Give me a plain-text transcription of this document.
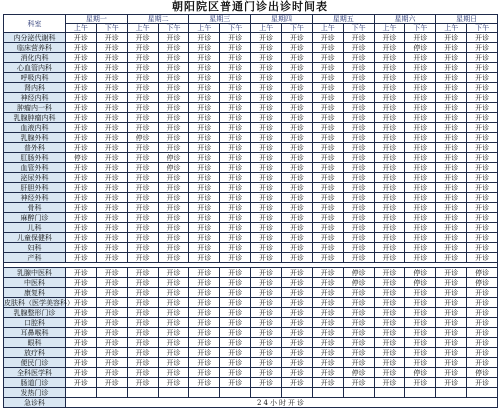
朝阳院区普通门诊出诊时间表
科室	星期一		星期二		星期三		星期四		星期五		星期六		星期日	
	上午	下午	上午	下午	上午	下午	上午	下午	上午	下午	上午	下午	上午	下午
内分泌代谢科	开诊	开诊	开诊	开诊	开诊	开诊	开诊	开诊	开诊	开诊	开诊	开诊	开诊	开诊
临床营养科	开诊	开诊	开诊	开诊	开诊	开诊	开诊	开诊	开诊	开诊	开诊	停诊	开诊	开诊
消化内科	开诊	开诊	开诊	开诊	开诊	开诊	开诊	开诊	开诊	开诊	开诊	开诊	开诊	开诊
心血管内科	开诊	开诊	开诊	开诊	开诊	开诊	开诊	开诊	开诊	开诊	开诊	开诊	开诊	开诊
呼吸内科	开诊	开诊	开诊	开诊	开诊	开诊	开诊	开诊	开诊	开诊	开诊	开诊	开诊	开诊
肾内科	开诊	开诊	开诊	开诊	开诊	开诊	开诊	开诊	开诊	开诊	开诊	开诊	开诊	开诊
神经内科	开诊	开诊	开诊	开诊	开诊	开诊	开诊	开诊	开诊	开诊	开诊	开诊	开诊	开诊
肿瘤内一科	开诊	开诊	开诊	开诊	开诊	开诊	开诊	开诊	开诊	开诊	开诊	开诊	开诊	开诊
乳腺肿瘤内科	开诊	开诊	开诊	开诊	开诊	开诊	开诊	开诊	开诊	开诊	开诊	开诊	开诊	开诊
血液内科	开诊	开诊	开诊	开诊	开诊	开诊	开诊	开诊	开诊	开诊	开诊	开诊	开诊	开诊
乳腺外科	开诊	开诊	停诊	开诊	开诊	开诊	开诊	开诊	开诊	开诊	开诊	开诊	开诊	开诊
普外科	开诊	开诊	开诊	开诊	开诊	开诊	开诊	开诊	开诊	开诊	开诊	开诊	开诊	开诊
肛肠外科	停诊	开诊	开诊	停诊	开诊	开诊	开诊	开诊	开诊	开诊	开诊	开诊	开诊	开诊
血管外科	开诊	开诊	开诊	停诊	开诊	开诊	开诊	开诊	开诊	开诊	开诊	开诊	开诊	开诊
泌尿外科	开诊	开诊	开诊	开诊	开诊	开诊	开诊	开诊	开诊	开诊	开诊	开诊	开诊	开诊
肝胆外科	开诊	开诊	开诊	开诊	开诊	开诊	开诊	开诊	开诊	开诊	开诊	开诊	开诊	开诊
神经外科	开诊	开诊	开诊	开诊	开诊	开诊	开诊	开诊	开诊	开诊	开诊	开诊	开诊	开诊
骨科	开诊	开诊	开诊	开诊	开诊	开诊	开诊	开诊	开诊	开诊	开诊	开诊	开诊	开诊
麻醉门诊	开诊	开诊	开诊	开诊	开诊	开诊	开诊	开诊	开诊	开诊	开诊	开诊	开诊	开诊
儿科	开诊	开诊	开诊	开诊	开诊	开诊	开诊	开诊	开诊	开诊	开诊	开诊	开诊	开诊
儿童保健科	开诊	开诊	开诊	开诊	开诊	开诊	开诊	开诊	开诊	开诊	开诊	开诊	开诊	开诊
妇科	开诊	开诊	开诊	开诊	开诊	开诊	开诊	开诊	开诊	开诊	开诊	开诊	开诊	开诊
产科	开诊	开诊	开诊	开诊	开诊	开诊	开诊	开诊	开诊	开诊	开诊	开诊	开诊	开诊

乳腺中医科	开诊	开诊	开诊	开诊	开诊	开诊	开诊	开诊	开诊	停诊	开诊	停诊	开诊	停诊
中医科	开诊	开诊	开诊	开诊	开诊	开诊	开诊	开诊	开诊	停诊	开诊	停诊	开诊	停诊
康复科	开诊	开诊	开诊	开诊	开诊	开诊	开诊	开诊	开诊	开诊	开诊	开诊	开诊	开诊
皮肤科（医学美容科）	开诊	开诊	开诊	开诊	开诊	开诊	开诊	开诊	开诊	开诊	开诊	开诊	开诊	开诊
乳腺整形门诊	开诊	开诊	开诊	开诊	开诊	开诊	开诊	开诊	开诊	开诊	开诊	开诊	开诊	开诊
口腔科	开诊	开诊	开诊	开诊	开诊	开诊	开诊	开诊	开诊	开诊	开诊	开诊	开诊	开诊
耳鼻喉科	开诊	开诊	开诊	开诊	开诊	开诊	开诊	开诊	开诊	开诊	开诊	开诊	开诊	开诊
眼科	开诊	开诊	开诊	开诊	开诊	开诊	开诊	开诊	开诊	开诊	开诊	开诊	开诊	开诊
放疗科	开诊	开诊	开诊	开诊	开诊	开诊	开诊	开诊	开诊	开诊	开诊	开诊	开诊	开诊
便民门诊	开诊	开诊	开诊	开诊	开诊	开诊	开诊	开诊	开诊	开诊	开诊	开诊	开诊	开诊
全科医学科	开诊	开诊	开诊	开诊	开诊	开诊	开诊	开诊	开诊	停诊	开诊	停诊	开诊	停诊
肠道门诊	开诊	开诊	开诊	开诊	开诊	开诊	开诊	开诊	开诊	开诊	开诊	开诊	开诊	开诊
发热门诊														
急诊科	24小时开诊													
